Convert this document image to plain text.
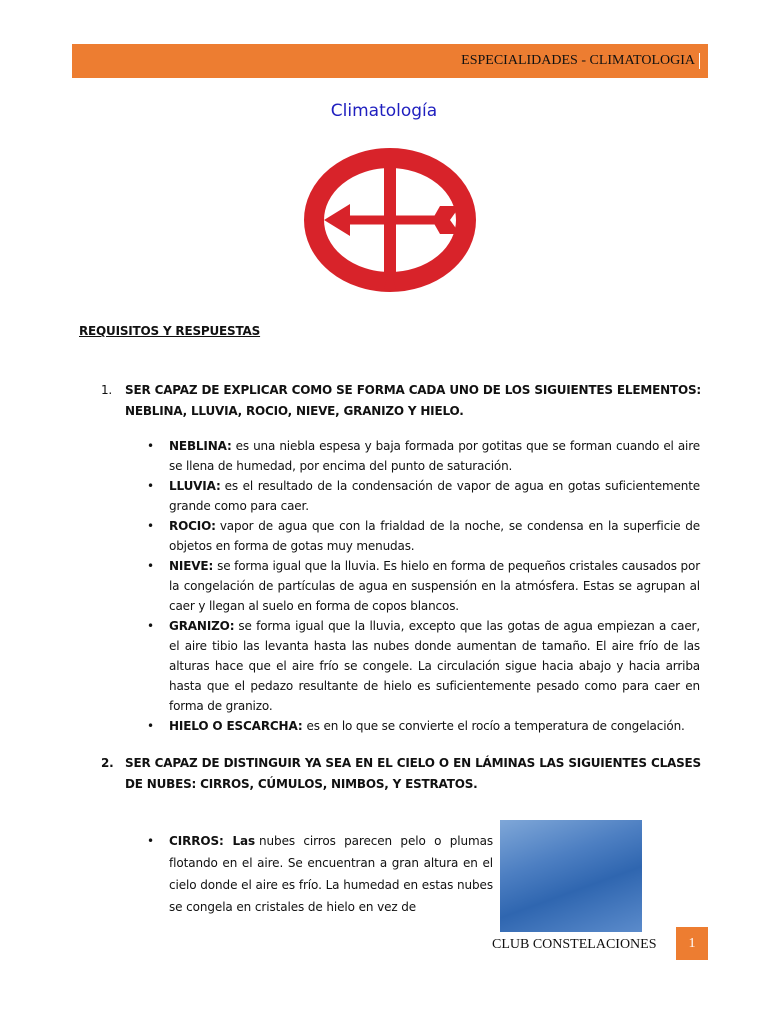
ESPECIALIDADES - CLIMATOLOGIA
Climatología
REQUISITOS Y RESPUESTAS
1. SER CAPAZ DE EXPLICAR COMO SE FORMA CADA UNO DE LOS SIGUIENTES ELEMENTOS: NEBLINA, LLUVIA, ROCIO, NIEVE, GRANIZO Y HIELO.
• NEBLINA: es una niebla espesa y baja formada por gotitas que se forman cuando el aire se llena de humedad, por encima del punto de saturación.
• LLUVIA: es el resultado de la condensación de vapor de agua en gotas suficientemente grande como para caer.
• ROCIO: vapor de agua que con la frialdad de la noche, se condensa en la superficie de objetos en forma de gotas muy menudas.
• NIEVE: se forma igual que la lluvia. Es hielo en forma de pequeños cristales causados por la congelación de partículas de agua en suspensión en la atmósfera. Estas se agrupan al caer y llegan al suelo en forma de copos blancos.
• GRANIZO: se forma igual que la lluvia, excepto que las gotas de agua empiezan a caer, el aire tibio las levanta hasta las nubes donde aumentan de tamaño. El aire frío de las alturas hace que el aire frío se congele. La circulación sigue hacia abajo y hacia arriba hasta que el pedazo resultante de hielo es suficientemente pesado como para caer en forma de granizo.
• HIELO O ESCARCHA: es en lo que se convierte el rocío a temperatura de congelación.
2. SER CAPAZ DE DISTINGUIR YA SEA EN EL CIELO O EN LÁMINAS LAS SIGUIENTES CLASES DE NUBES: CIRROS, CÚMULOS, NIMBOS, Y ESTRATOS.
• CIRROS: Las nubes cirros parecen pelo o plumas flotando en el aire. Se encuentran a gran altura en el cielo donde el aire es frío. La humedad en estas nubes se congela en cristales de hielo en vez de
CLUB CONSTELACIONES	1
